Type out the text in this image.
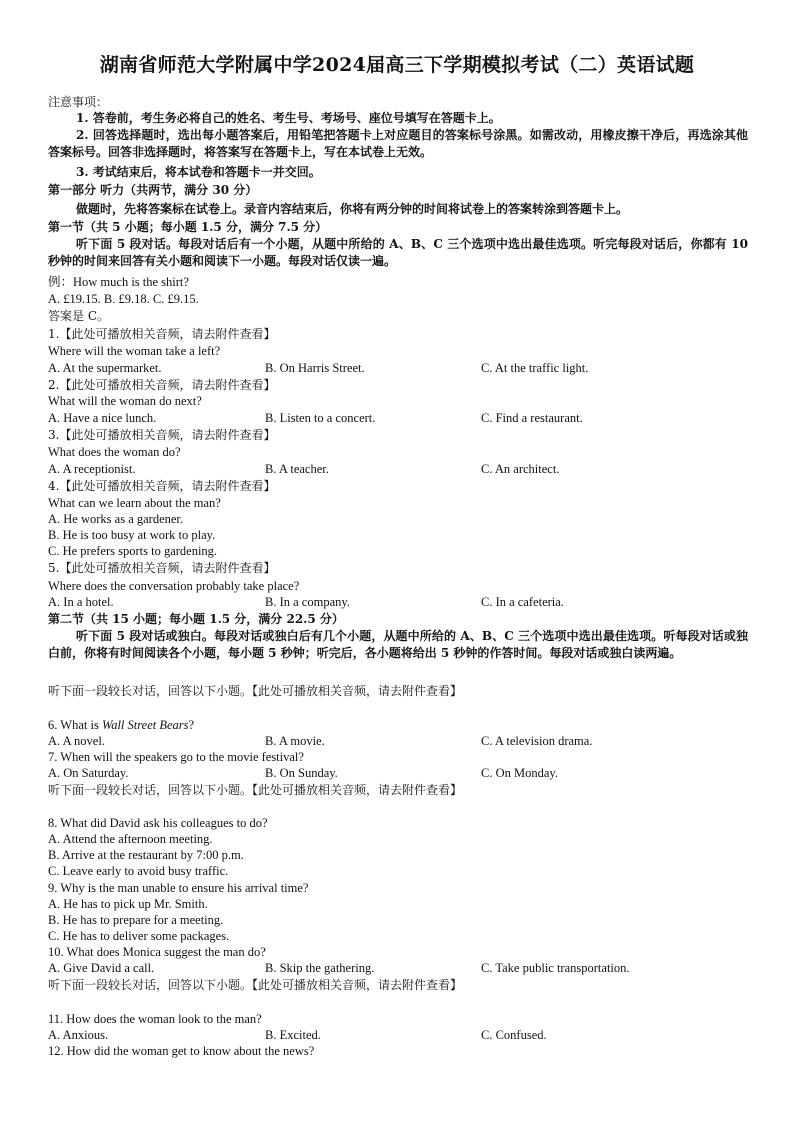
湖南省师范大学附属中学2024届高三下学期模拟考试（二）英语试题
注意事项：
1. 答卷前，考生务必将自己的姓名、考生号、考场号、座位号填写在答题卡上。
2. 回答选择题时，选出每小题答案后，用铅笔把答题卡上对应题目的答案标号涂黑。如需改动，用橡皮擦干净后，再选涂其他答案标号。回答非选择题时，将答案写在答题卡上，写在本试卷上无效。
3. 考试结束后，将本试卷和答题卡一并交回。
第一部分 听力（共两节，满分 30 分）
做题时，先将答案标在试卷上。录音内容结束后，你将有两分钟的时间将试卷上的答案转涂到答题卡上。
第一节（共 5 小题；每小题 1.5 分，满分 7.5 分）
听下面 5 段对话。每段对话后有一个小题，从题中所给的 A、B、C 三个选项中选出最佳选项。听完每段对话后，你都有 10 秒钟的时间来回答有关小题和阅读下一小题。每段对话仅读一遍。
例：How much is the shirt?
A. £19.15. B. £9.18. C. £9.15.
答案是 C。
1.【此处可播放相关音频，请去附件查看】
Where will the woman take a left?
A. At the supermarket.	B. On Harris Street.	C. At the traffic light.
2.【此处可播放相关音频，请去附件查看】
What will the woman do next?
A. Have a nice lunch.	B. Listen to a concert.	C. Find a restaurant.
3.【此处可播放相关音频，请去附件查看】
What does the woman do?
A. A receptionist.	B. A teacher.	C. An architect.
4.【此处可播放相关音频，请去附件查看】
What can we learn about the man?
A. He works as a gardener.
B. He is too busy at work to play.
C. He prefers sports to gardening.
5.【此处可播放相关音频，请去附件查看】
Where does the conversation probably take place?
A. In a hotel.	B. In a company.	C. In a cafeteria.
第二节（共 15 小题；每小题 1.5 分，满分 22.5 分）
听下面 5 段对话或独白。每段对话或独白后有几个小题，从题中所给的 A、B、C 三个选项中选出最佳选项。听每段对话或独白前，你将有时间阅读各个小题，每小题 5 秒钟；听完后，各小题将给出 5 秒钟的作答时间。每段对话或独白读两遍。
听下面一段较长对话，回答以下小题。【此处可播放相关音频，请去附件查看】
6. What is Wall Street Bears?
A. A novel.	B. A movie.	C. A television drama.
7. When will the speakers go to the movie festival?
A. On Saturday.	B. On Sunday.	C. On Monday.
听下面一段较长对话，回答以下小题。【此处可播放相关音频，请去附件查看】
8. What did David ask his colleagues to do?
A. Attend the afternoon meeting.
B. Arrive at the restaurant by 7:00 p.m.
C. Leave early to avoid busy traffic.
9. Why is the man unable to ensure his arrival time?
A. He has to pick up Mr. Smith.
B. He has to prepare for a meeting.
C. He has to deliver some packages.
10. What does Monica suggest the man do?
A. Give David a call.	B. Skip the gathering.	C. Take public transportation.
听下面一段较长对话，回答以下小题。【此处可播放相关音频，请去附件查看】
11. How does the woman look to the man?
A. Anxious.	B. Excited.	C. Confused.
12. How did the woman get to know about the news?
